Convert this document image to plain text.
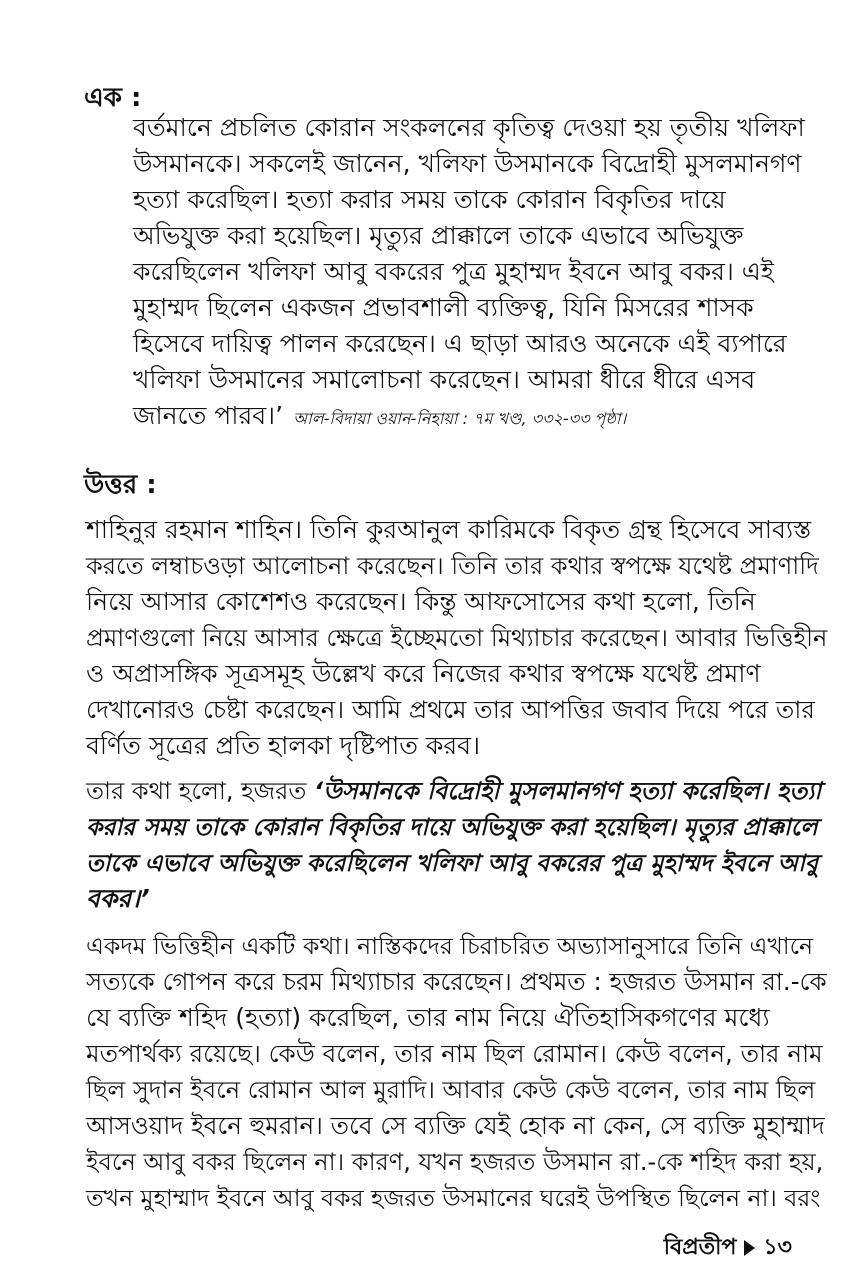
এক :

বর্তমানে প্রচলিত কোরান সংকলনের কৃতিত্ব দেওয়া হয় তৃতীয় খলিফা

উসমানকে। সকলেই জানেন, খলিফা উসমানকে বিদ্রোহী মুসলমানগণ

হত্যা করেছিল। হত্যা করার সময় তাকে কোরান বিকৃতির দায়ে

অভিযুক্ত করা হয়েছিল। মৃত্যুর প্রাক্কালে তাকে এভাবে অভিযুক্ত

করেছিলেন খলিফা আবু বকরের পুত্র মুহাম্মদ ইবনে আবু বকর। এই

মুহাম্মদ ছিলেন একজন প্রভাবশালী ব্যক্তিত্ব, যিনি মিসরের শাসক

হিসেবে দায়িত্ব পালন করেছেন। এ ছাড়া আরও অনেকে এই ব্যপারে

খলিফা উসমানের সমালোচনা করেছেন। আমরা ধীরে ধীরে এসব

জানতে পারব।’ আল-বিদায়া ওয়ান-নিহায়া : ৭ম খণ্ড, ৩৩২-৩৩ পৃষ্ঠা।

উত্তর :

শাহিনুর রহমান শাহিন। তিনি কুরআনুল কারিমকে বিকৃত গ্রন্থ হিসেবে সাব্যস্ত

করতে লম্বাচওড়া আলোচনা করেছেন। তিনি তার কথার স্বপক্ষে যথেষ্ট প্রমাণাদি

নিয়ে আসার কোশেশও করেছেন। কিন্তু আফসোসের কথা হলো, তিনি

প্রমাণগুলো নিয়ে আসার ক্ষেত্রে ইচ্ছেমতো মিথ্যাচার করেছেন। আবার ভিত্তিহীন

ও অপ্রাসঙ্গিক সূত্রসমূহ উল্লেখ করে নিজের কথার স্বপক্ষে যথেষ্ট প্রমাণ

দেখানোরও চেষ্টা করেছেন। আমি প্রথমে তার আপত্তির জবাব দিয়ে পরে তার

বর্ণিত সূত্রের প্রতি হালকা দৃষ্টিপাত করব।

তার কথা হলো, হজরত ‘উসমানকে বিদ্রোহী মুসলমানগণ হত্যা করেছিল। হত্যা

করার সময় তাকে কোরান বিকৃতির দায়ে অভিযুক্ত করা হয়েছিল। মৃত্যুর প্রাক্কালে

তাকে এভাবে অভিযুক্ত করেছিলেন খলিফা আবু বকরের পুত্র মুহাম্মদ ইবনে আবু

বকর।’

একদম ভিত্তিহীন একটি কথা। নাস্তিকদের চিরাচরিত অভ্যাসানুসারে তিনি এখানে

সত্যকে গোপন করে চরম মিথ্যাচার করেছেন। প্রথমত : হজরত উসমান রা.-কে

যে ব্যক্তি শহিদ (হত্যা) করেছিল, তার নাম নিয়ে ঐতিহাসিকগণের মধ্যে

মতপার্থক্য রয়েছে। কেউ বলেন, তার নাম ছিল রোমান। কেউ বলেন, তার নাম

ছিল সুদান ইবনে রোমান আল মুরাদি। আবার কেউ কেউ বলেন, তার নাম ছিল

আসওয়াদ ইবনে হুমরান। তবে সে ব্যক্তি যেই হোক না কেন, সে ব্যক্তি মুহাম্মাদ

ইবনে আবু বকর ছিলেন না। কারণ, যখন হজরত উসমান রা.-কে শহিদ করা হয়,

তখন মুহাম্মাদ ইবনে আবু বকর হজরত উসমানের ঘরেই উপস্থিত ছিলেন না। বরং

বিপ্রতীপ ১৩
